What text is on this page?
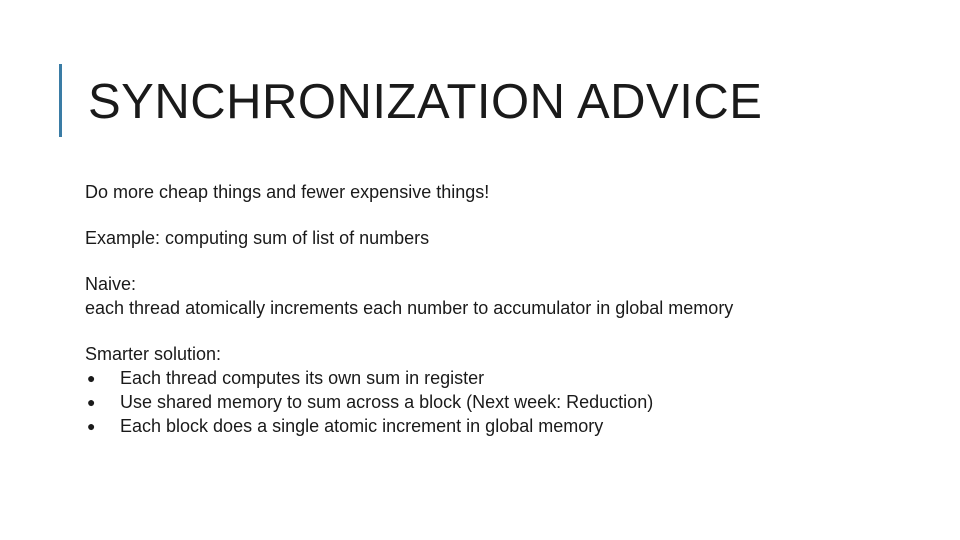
SYNCHRONIZATION ADVICE

Do more cheap things and fewer expensive things!

Example: computing sum of list of numbers

Naive:
each thread atomically increments each number to accumulator in global memory

Smarter solution:
●	Each thread computes its own sum in register
●	Use shared memory to sum across a block (Next week: Reduction)
●	Each block does a single atomic increment in global memory
